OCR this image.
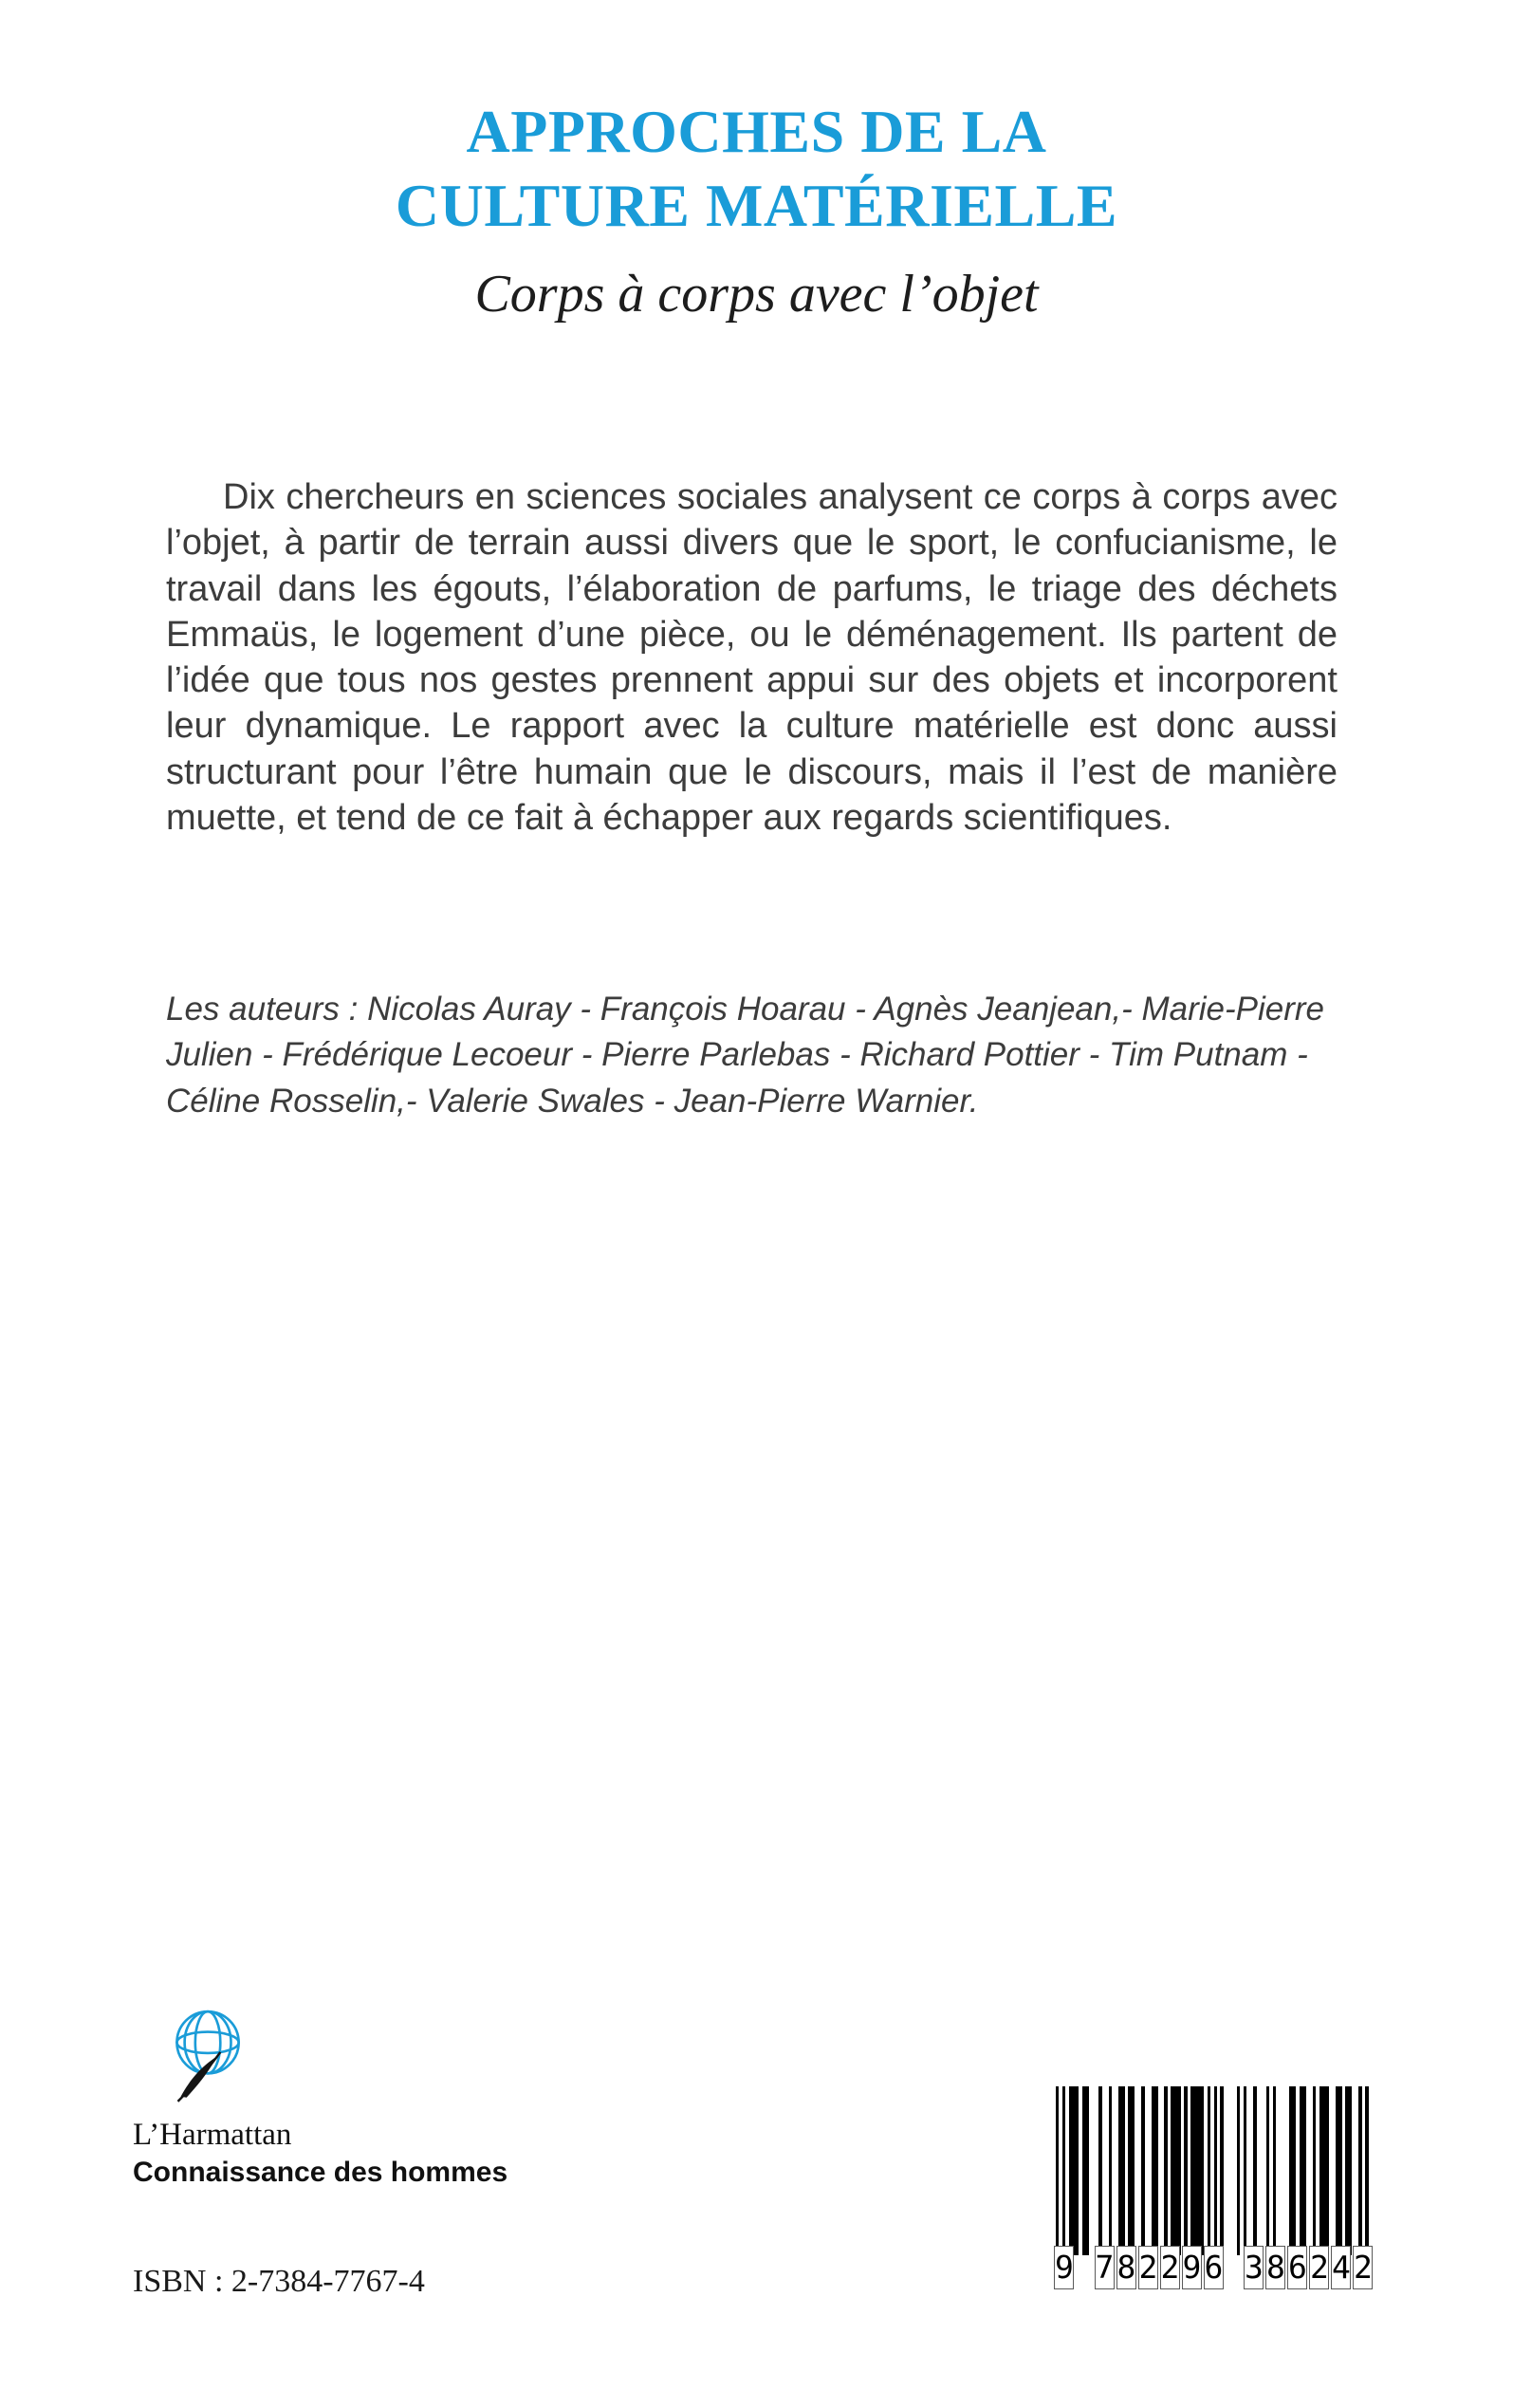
APPROCHES DE LA
CULTURE MATÉRIELLE
Corps à corps avec l’objet

Dix chercheurs en sciences sociales analysent ce corps à corps avec l’objet, à partir de terrain aussi divers que le sport, le confucianisme, le travail dans les égouts, l’élaboration de parfums, le triage des déchets Emmaüs, le logement d’une pièce, ou le déménagement. Ils partent de l’idée que tous nos gestes prennent appui sur des objets et incorporent leur dynamique. Le rapport avec la culture matérielle est donc aussi structurant pour l’être humain que le discours, mais il l’est de manière muette, et tend de ce fait à échapper aux regards scientifiques.

Les auteurs : Nicolas Auray - François Hoarau - Agnès Jeanjean,- Marie-Pierre Julien - Frédérique Lecoeur - Pierre Parlebas - Richard Pottier - Tim Putnam - Céline Rosselin,- Valerie Swales - Jean-Pierre Warnier.

L’Harmattan
Connaissance des hommes
ISBN : 2-7384-7767-4	9 7 8 2 2 9 6 3 8 6 2 4 2
